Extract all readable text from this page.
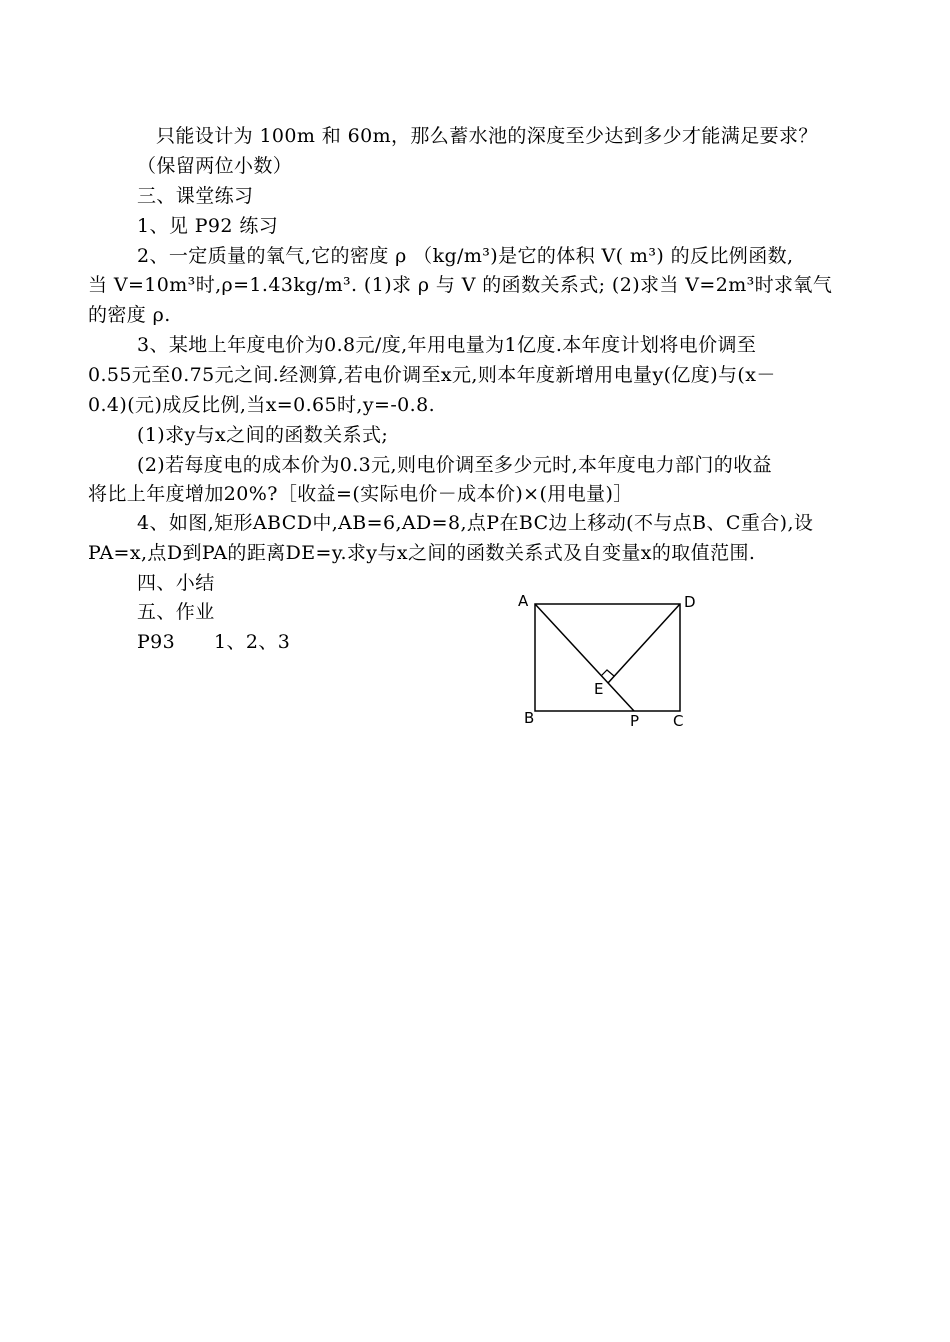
只能设计为 100m 和 60m，那么蓄水池的深度至少达到多少才能满足要求？
（保留两位小数）
三、课堂练习
1、见 P92 练习
2、一定质量的氧气,它的密度 ρ （kg/m³)是它的体积 V( m³) 的反比例函数,
当 V=10m³时,ρ=1.43kg/m³. (1)求 ρ 与 V 的函数关系式; (2)求当 V=2m³时求氧气
的密度 ρ.
3、某地上年度电价为0.8元/度,年用电量为1亿度.本年度计划将电价调至
0.55元至0.75元之间.经测算,若电价调至x元,则本年度新增用电量y(亿度)与(x－
0.4)(元)成反比例,当x=0.65时,y=-0.8.
(1)求y与x之间的函数关系式;
(2)若每度电的成本价为0.3元,则电价调至多少元时,本年度电力部门的收益
将比上年度增加20%?［收益=(实际电价－成本价)×(用电量)］
4、如图,矩形ABCD中,AB=6,AD=8,点P在BC边上移动(不与点B、C重合),设
PA=x,点D到PA的距离DE=y.求y与x之间的函数关系式及自变量x的取值范围.
四、小结
五、作业
P93　　1、2、3
A	D
E
B	P C
